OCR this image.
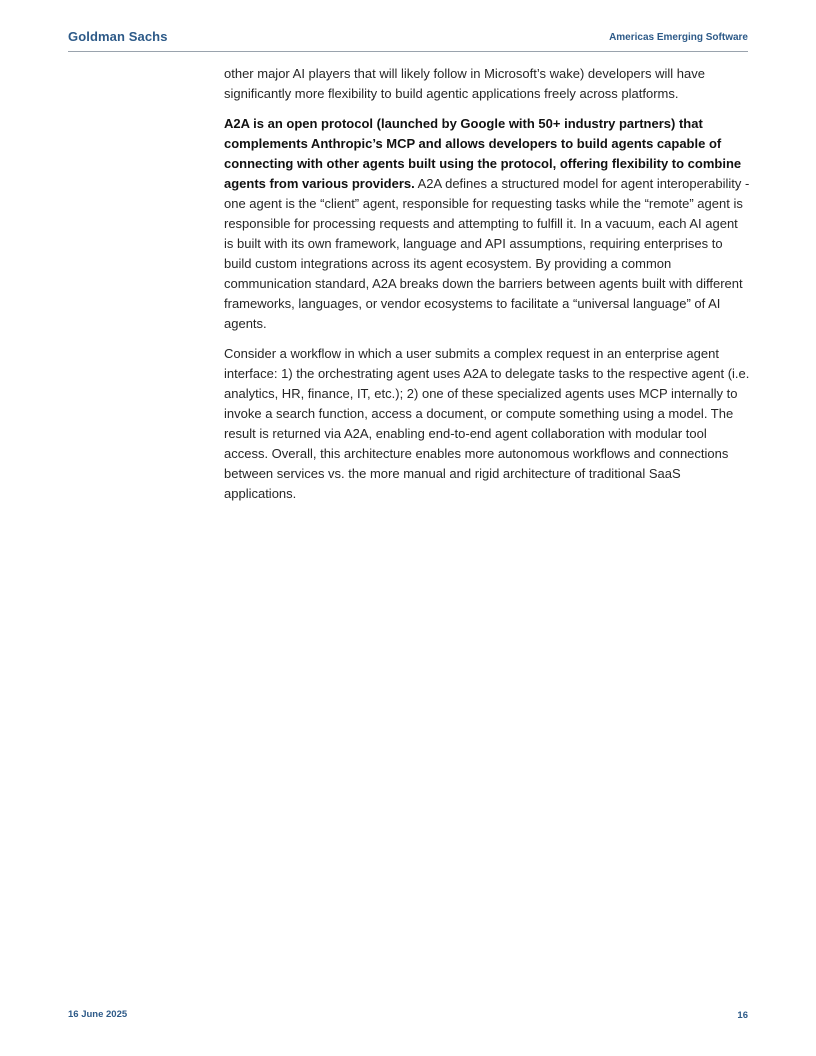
Goldman Sachs	Americas Emerging Software

other major AI players that will likely follow in Microsoft’s wake) developers will have significantly more flexibility to build agentic applications freely across platforms.

A2A is an open protocol (launched by Google with 50+ industry partners) that complements Anthropic’s MCP and allows developers to build agents capable of connecting with other agents built using the protocol, offering flexibility to combine agents from various providers. A2A defines a structured model for agent interoperability - one agent is the “client” agent, responsible for requesting tasks while the “remote” agent is responsible for processing requests and attempting to fulfill it. In a vacuum, each AI agent is built with its own framework, language and API assumptions, requiring enterprises to build custom integrations across its agent ecosystem. By providing a common communication standard, A2A breaks down the barriers between agents built with different frameworks, languages, or vendor ecosystems to facilitate a “universal language” of AI agents.

Consider a workflow in which a user submits a complex request in an enterprise agent interface: 1) the orchestrating agent uses A2A to delegate tasks to the respective agent (i.e. analytics, HR, finance, IT, etc.); 2) one of these specialized agents uses MCP internally to invoke a search function, access a document, or compute something using a model. The result is returned via A2A, enabling end-to-end agent collaboration with modular tool access. Overall, this architecture enables more autonomous workflows and connections between services vs. the more manual and rigid architecture of traditional SaaS applications.

16 June 2025	16
